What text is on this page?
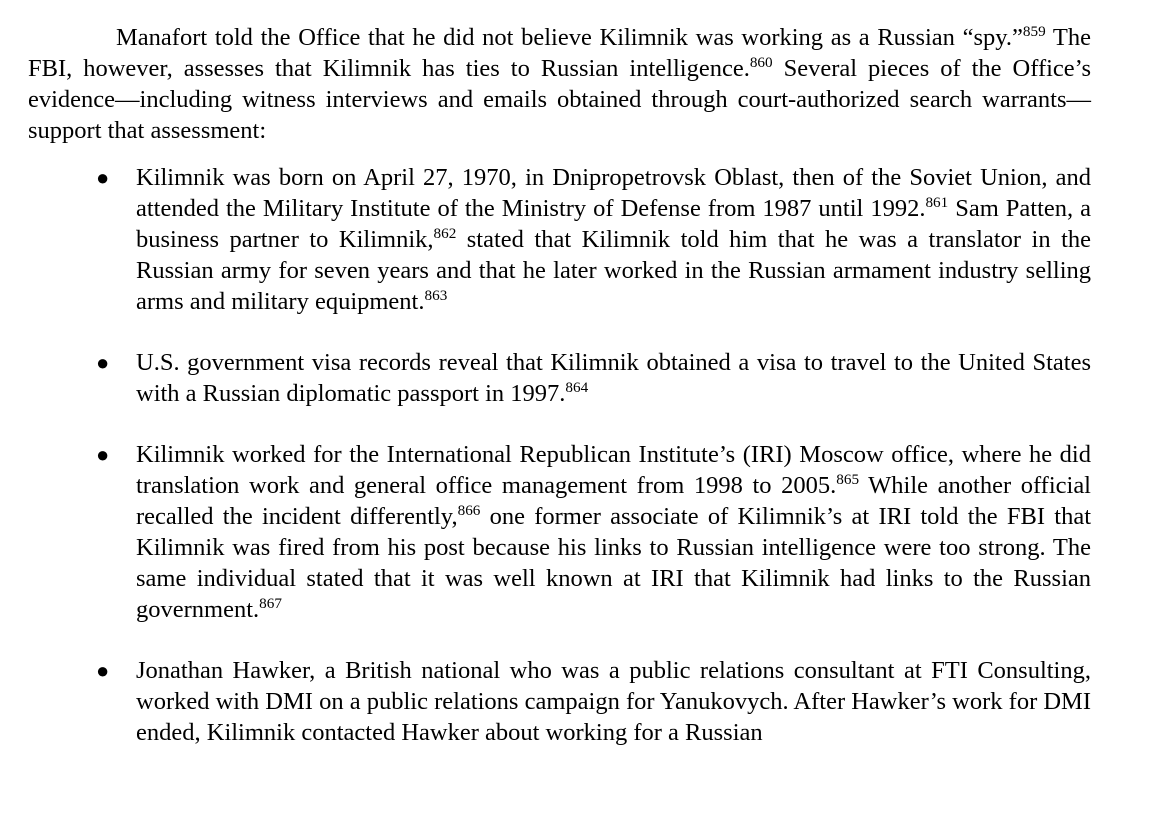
Manafort told the Office that he did not believe Kilimnik was working as a Russian “spy.”$^{859}$ The FBI, however, assesses that Kilimnik has ties to Russian intelligence.$^{860}$ Several pieces of the Office’s evidence—including witness interviews and emails obtained through court-authorized search warrants—support that assessment:

● Kilimnik was born on April 27, 1970, in Dnipropetrovsk Oblast, then of the Soviet Union, and attended the Military Institute of the Ministry of Defense from 1987 until 1992.$^{861}$ Sam Patten, a business partner to Kilimnik,$^{862}$ stated that Kilimnik told him that he was a translator in the Russian army for seven years and that he later worked in the Russian armament industry selling arms and military equipment.$^{863}$
● U.S. government visa records reveal that Kilimnik obtained a visa to travel to the United States with a Russian diplomatic passport in 1997.$^{864}$
● Kilimnik worked for the International Republican Institute’s (IRI) Moscow office, where he did translation work and general office management from 1998 to 2005.$^{865}$ While another official recalled the incident differently,$^{866}$ one former associate of Kilimnik’s at IRI told the FBI that Kilimnik was fired from his post because his links to Russian intelligence were too strong. The same individual stated that it was well known at IRI that Kilimnik had links to the Russian government.$^{867}$
● Jonathan Hawker, a British national who was a public relations consultant at FTI Consulting, worked with DMI on a public relations campaign for Yanukovych. After Hawker’s work for DMI ended, Kilimnik contacted Hawker about working for a Russian
